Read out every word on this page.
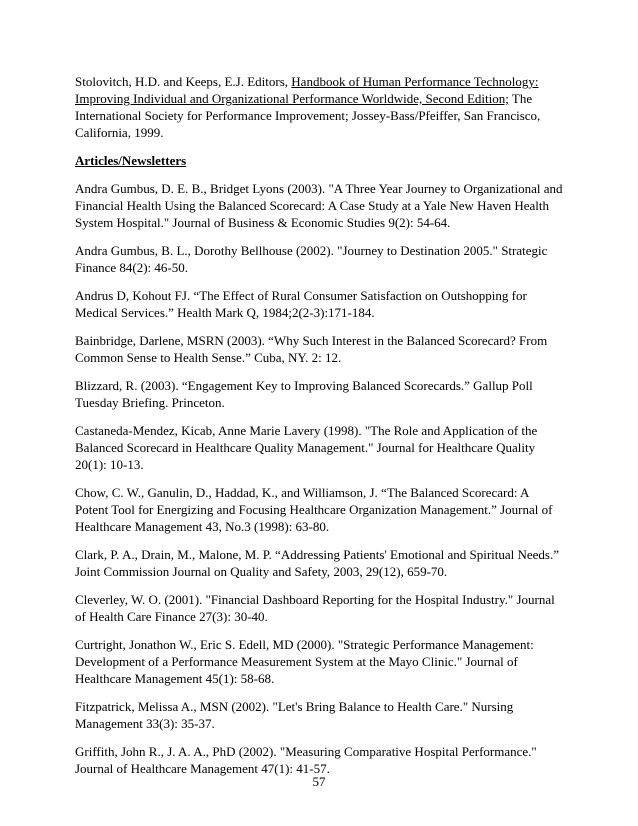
Stolovitch, H.D. and Keeps, E.J. Editors, Handbook of Human Performance Technology: Improving Individual and Organizational Performance Worldwide, Second Edition; The International Society for Performance Improvement; Jossey-Bass/Pfeiffer, San Francisco, California, 1999.

Articles/Newsletters

Andra Gumbus, D. E. B., Bridget Lyons (2003). "A Three Year Journey to Organizational and Financial Health Using the Balanced Scorecard: A Case Study at a Yale New Haven Health System Hospital." Journal of Business & Economic Studies 9(2): 54-64.

Andra Gumbus, B. L., Dorothy Bellhouse (2002). "Journey to Destination 2005." Strategic Finance 84(2): 46-50.

Andrus D, Kohout FJ. “The Effect of Rural Consumer Satisfaction on Outshopping for Medical Services.” Health Mark Q, 1984;2(2-3):171-184.

Bainbridge, Darlene, MSRN (2003). “Why Such Interest in the Balanced Scorecard? From Common Sense to Health Sense.” Cuba, NY. 2: 12.

Blizzard, R. (2003). “Engagement Key to Improving Balanced Scorecards.” Gallup Poll Tuesday Briefing. Princeton.

Castaneda-Mendez, Kicab, Anne Marie Lavery (1998). "The Role and Application of the Balanced Scorecard in Healthcare Quality Management." Journal for Healthcare Quality 20(1): 10-13.

Chow, C. W., Ganulin, D., Haddad, K., and Williamson, J. “The Balanced Scorecard: A Potent Tool for Energizing and Focusing Healthcare Organization Management.” Journal of Healthcare Management 43, No.3 (1998): 63-80.

Clark, P. A., Drain, M., Malone, M. P. “Addressing Patients' Emotional and Spiritual Needs.” Joint Commission Journal on Quality and Safety, 2003, 29(12), 659-70.

Cleverley, W. O. (2001). "Financial Dashboard Reporting for the Hospital Industry." Journal of Health Care Finance 27(3): 30-40.

Curtright, Jonathon W., Eric S. Edell, MD (2000). "Strategic Performance Management: Development of a Performance Measurement System at the Mayo Clinic." Journal of Healthcare Management 45(1): 58-68.

Fitzpatrick, Melissa A., MSN (2002). "Let's Bring Balance to Health Care." Nursing Management 33(3): 35-37.

Griffith, John R., J. A. A., PhD (2002). "Measuring Comparative Hospital Performance." Journal of Healthcare Management 47(1): 41-57.

57
